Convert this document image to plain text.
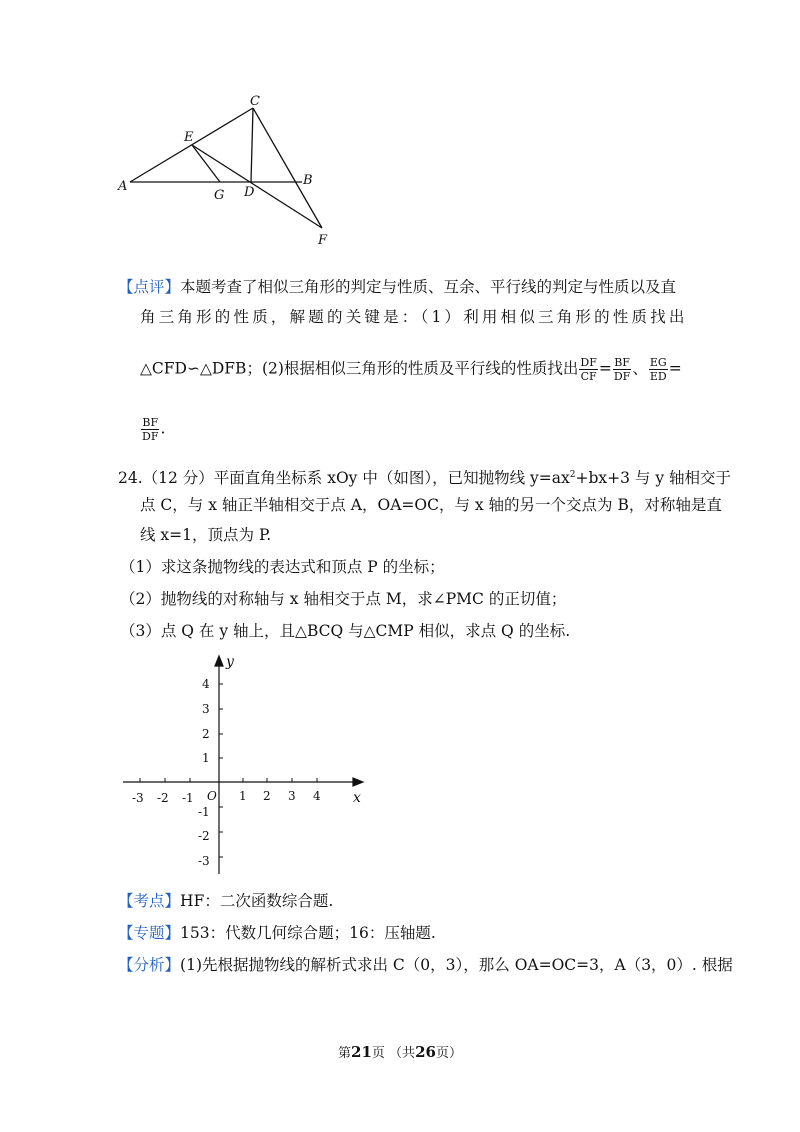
A	B
C
D
E
F
G
【点评】本题考查了相似三角形的判定与性质、互余、平行线的判定与性质以及直
角三角形的性质，解题的关键是：（1）利用相似三角形的性质找出
△CFD∽△DFB；(2)根据相似三角形的性质及平行线的性质找出 $\frac{DF}{CF} = \frac{BF}{DF}$ 、 $\frac{EG}{ED}$ =
$\frac{BF}{DF}$ .
24.（12 分）平面直角坐标系 xOy 中（如图），已知抛物线 $y=ax^2+bx+3$ 与 y 轴相交于
点 C，与 x 轴正半轴相交于点 A，OA=OC，与 x 轴的另一个交点为 B，对称轴是直
线 x=1，顶点为 P.
（1）求这条抛物线的表达式和顶点 P 的坐标；
（2）抛物线的对称轴与 x 轴相交于点 M，求∠PMC 的正切值；
（3）点 Q 在 y 轴上，且△BCQ 与△CMP 相似，求点 Q 的坐标.
y
x
O
-3 -2 -1	1 2 3 4
4
3
2
1
-1
-2
-3
【考点】HF：二次函数综合题.
【专题】153：代数几何综合题；16：压轴题.
【分析】(1)先根据抛物线的解析式求出 C（0，3），那么 OA=OC=3，A（3，0）. 根据
第21页 （共26页）
